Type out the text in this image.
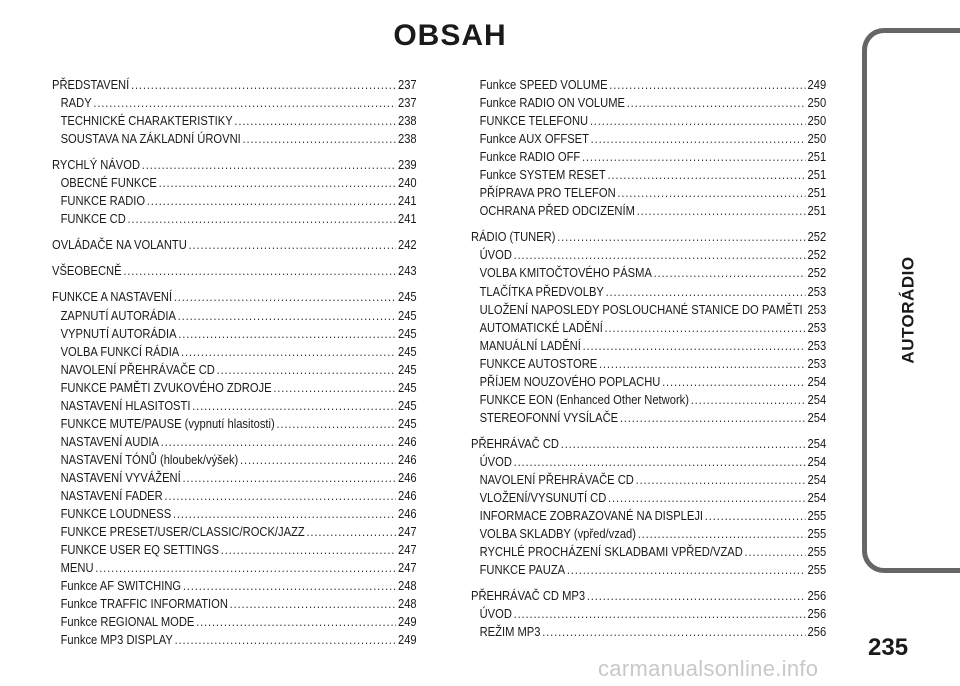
OBSAH
PŘEDSTAVENÍ .....	237
RADY .....	237
TECHNICKÉ CHARAKTERISTIKY .....	238
SOUSTAVA NA ZÁKLADNÍ ÚROVNI .....	238
RYCHLÝ NÁVOD .....	239
OBECNÉ FUNKCE .....	240
FUNKCE RADIO .....	241
FUNKCE CD .....	241
OVLÁDAČE NA VOLANTU .....	242
VŠEOBECNĚ .....	243
FUNKCE A NASTAVENÍ .....	245
ZAPNUTÍ AUTORÁDIA .....	245
VYPNUTÍ AUTORÁDIA .....	245
VOLBA FUNKCÍ RÁDIA .....	245
NAVOLENÍ PŘEHRÁVAČE CD .....	245
FUNKCE PAMĚTI ZVUKOVÉHO ZDROJE .....	245
NASTAVENÍ HLASITOSTI .....	245
FUNKCE MUTE/PAUSE (vypnutí hlasitosti) .....	245
NASTAVENÍ AUDIA .....	246
NASTAVENÍ TÓNŮ (hloubek/výšek) .....	246
NASTAVENÍ VYVÁŽENÍ .....	246
NASTAVENÍ FADER .....	246
FUNKCE LOUDNESS .....	246
FUNKCE PRESET/USER/CLASSIC/ROCK/JAZZ .....	247
FUNKCE USER EQ SETTINGS .....	247
MENU .....	247
Funkce AF SWITCHING .....	248
Funkce TRAFFIC INFORMATION .....	248
Funkce REGIONAL MODE .....	249
Funkce MP3 DISPLAY .....	249
Funkce SPEED VOLUME .....	249
Funkce RADIO ON VOLUME .....	250
FUNKCE TELEFONU .....	250
Funkce AUX OFFSET .....	250
Funkce RADIO OFF .....	251
Funkce SYSTEM RESET .....	251
PŘÍPRAVA PRO TELEFON .....	251
OCHRANA PŘED ODCIZENÍM .....	251
RÁDIO (TUNER) .....	252
ÚVOD .....	252
VOLBA KMITOČTOVÉHO PÁSMA .....	252
TLAČÍTKA PŘEDVOLBY .....	253
ULOŽENÍ NAPOSLEDY POSLOUCHANÉ STANICE DO PAMĚTI ..... 253
AUTOMATICKÉ LADĚNÍ .....	253
MANUÁLNÍ LADĚNÍ .....	253
FUNKCE AUTOSTORE .....	253
PŘÍJEM NOUZOVÉHO POPLACHU .....	254
FUNKCE EON (Enhanced Other Network) .....	254
STEREOFONNÍ VYSÍLAČE .....	254
PŘEHRÁVAČ CD .....	254
ÚVOD .....	254
NAVOLENÍ PŘEHRÁVAČE CD .....	254
VLOŽENÍ/VYSUNUTÍ CD .....	254
INFORMACE ZOBRAZOVANÉ NA DISPLEJI .....	255
VOLBA SKLADBY (vpřed/vzad) .....	255
RYCHLÉ PROCHÁZENÍ SKLADBAMI VPŘED/VZAD .....	255
FUNKCE PAUZA .....	255
PŘEHRÁVAČ CD MP3 .....	256
ÚVOD .....	256
REŽIM MP3 .....	256
AUTORÁDIO
235
carmanualsonline.info
